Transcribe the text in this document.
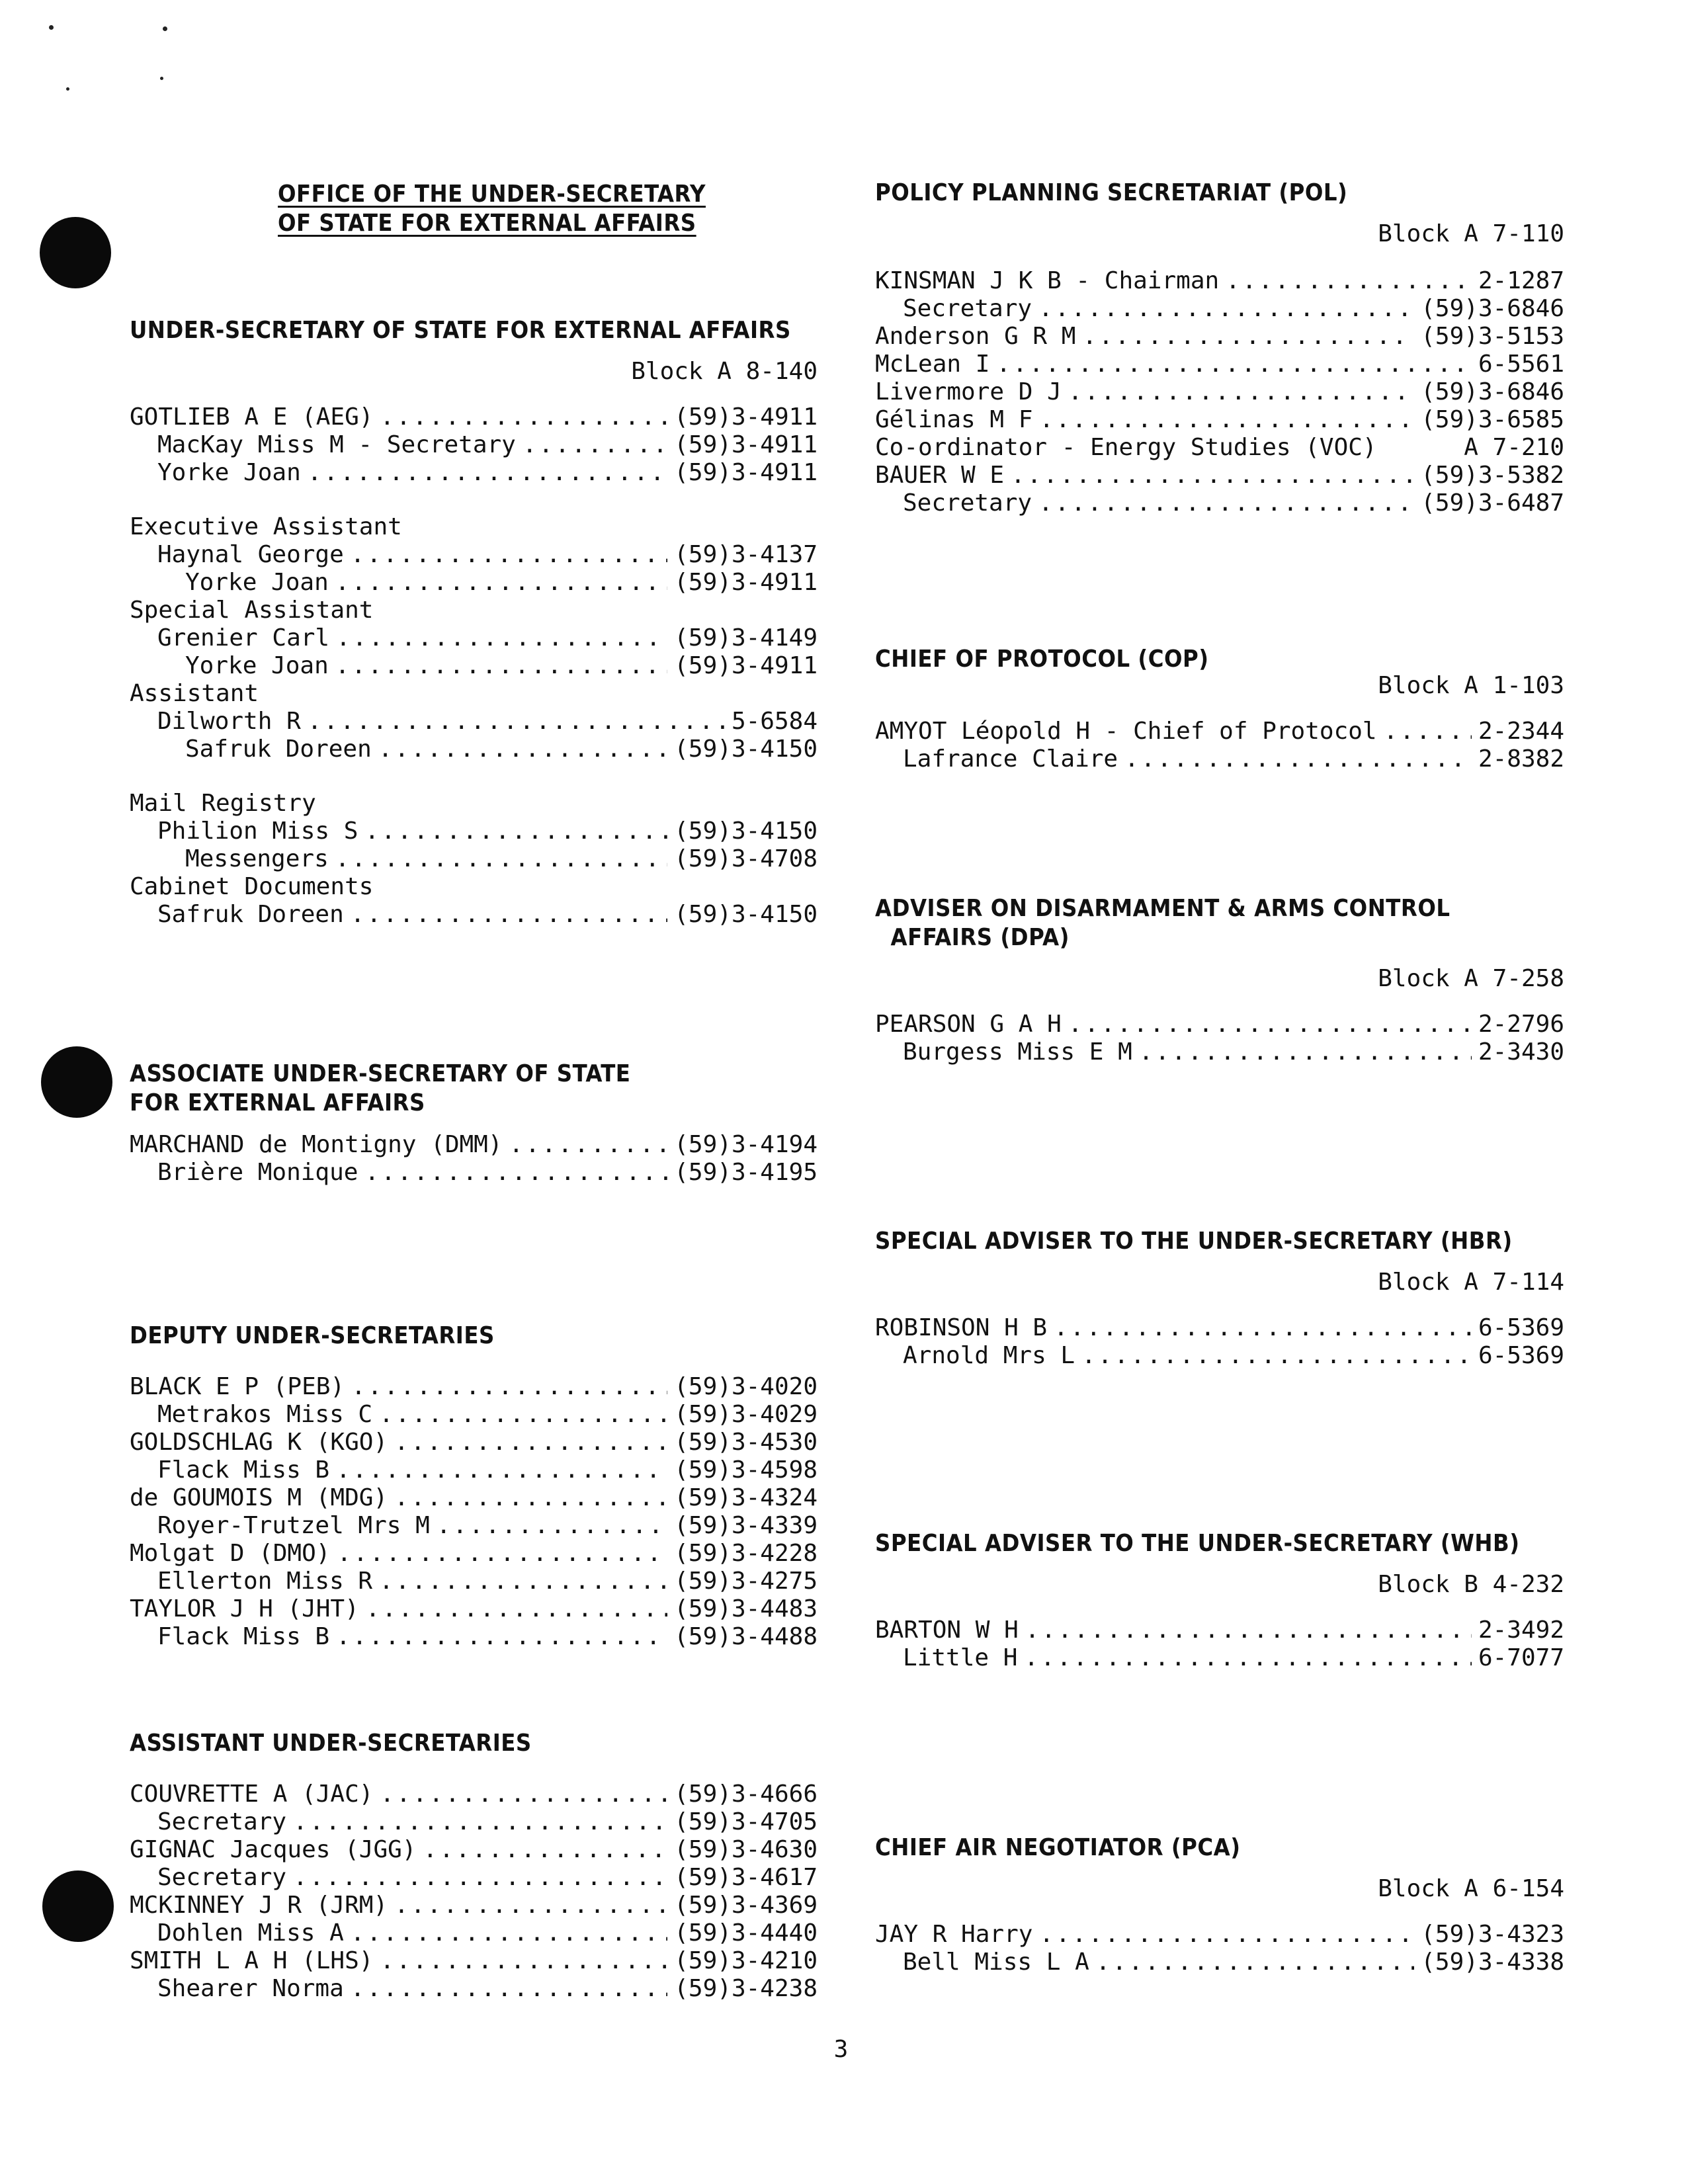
OFFICE OF THE UNDER-SECRETARY
OF STATE FOR EXTERNAL AFFAIRS
UNDER-SECRETARY OF STATE FOR EXTERNAL AFFAIRS
Block A 8-140
GOTLIEB A E (AEG) .....	(59)3-4911
MacKay Miss M - Secretary .....	(59)3-4911
Yorke Joan .....	(59)3-4911
Executive Assistant
Haynal George .....	(59)3-4137
Yorke Joan .....	(59)3-4911
Special Assistant
Grenier Carl .....	(59)3-4149
Yorke Joan .....	(59)3-4911
Assistant
Dilworth R .....	5-6584
Safruk Doreen .....	(59)3-4150
Mail Registry
Philion Miss S .....	(59)3-4150
Messengers .....	(59)3-4708
Cabinet Documents
Safruk Doreen .....	(59)3-4150
ASSOCIATE UNDER-SECRETARY OF STATE
FOR EXTERNAL AFFAIRS
MARCHAND de Montigny (DMM) .....	(59)3-4194
Brière Monique .....	(59)3-4195
DEPUTY UNDER-SECRETARIES
BLACK E P (PEB) .....	(59)3-4020
Metrakos Miss C .....	(59)3-4029
GOLDSCHLAG K (KGO) .....	(59)3-4530
Flack Miss B .....	(59)3-4598
de GOUMOIS M (MDG) .....	(59)3-4324
Royer-Trutzel Mrs M .....	(59)3-4339
Molgat D (DMO) .....	(59)3-4228
Ellerton Miss R .....	(59)3-4275
TAYLOR J H (JHT) .....	(59)3-4483
Flack Miss B .....	(59)3-4488
ASSISTANT UNDER-SECRETARIES
COUVRETTE A (JAC) .....	(59)3-4666
Secretary .....	(59)3-4705
GIGNAC Jacques (JGG) .....	(59)3-4630
Secretary .....	(59)3-4617
MCKINNEY J R (JRM) .....	(59)3-4369
Dohlen Miss A .....	(59)3-4440
SMITH L A H (LHS) .....	(59)3-4210
Shearer Norma .....	(59)3-4238
POLICY PLANNING SECRETARIAT (POL)
Block A 7-110
KINSMAN J K B - Chairman .....	2-1287
Secretary .....	(59)3-6846
Anderson G R M .....	(59)3-5153
McLean I .....	6-5561
Livermore D J .....	(59)3-6846
Gélinas M F .....	(59)3-6585
Co-ordinator - Energy Studies (VOC)	A 7-210
BAUER W E .....	(59)3-5382
Secretary .....	(59)3-6487
CHIEF OF PROTOCOL (COP)
Block A 1-103
AMYOT Léopold H - Chief of Protocol .....	2-2344
Lafrance Claire .....	2-8382
ADVISER ON DISARMAMENT & ARMS CONTROL
AFFAIRS (DPA)
Block A 7-258
PEARSON G A H .....	2-2796
Burgess Miss E M .....	2-3430
SPECIAL ADVISER TO THE UNDER-SECRETARY (HBR)
Block A 7-114
ROBINSON H B .....	6-5369
Arnold Mrs L .....	6-5369
SPECIAL ADVISER TO THE UNDER-SECRETARY (WHB)
Block B 4-232
BARTON W H .....	2-3492
Little H .....	6-7077
CHIEF AIR NEGOTIATOR (PCA)
Block A 6-154
JAY R Harry .....	(59)3-4323
Bell Miss L A .....	(59)3-4338
3
